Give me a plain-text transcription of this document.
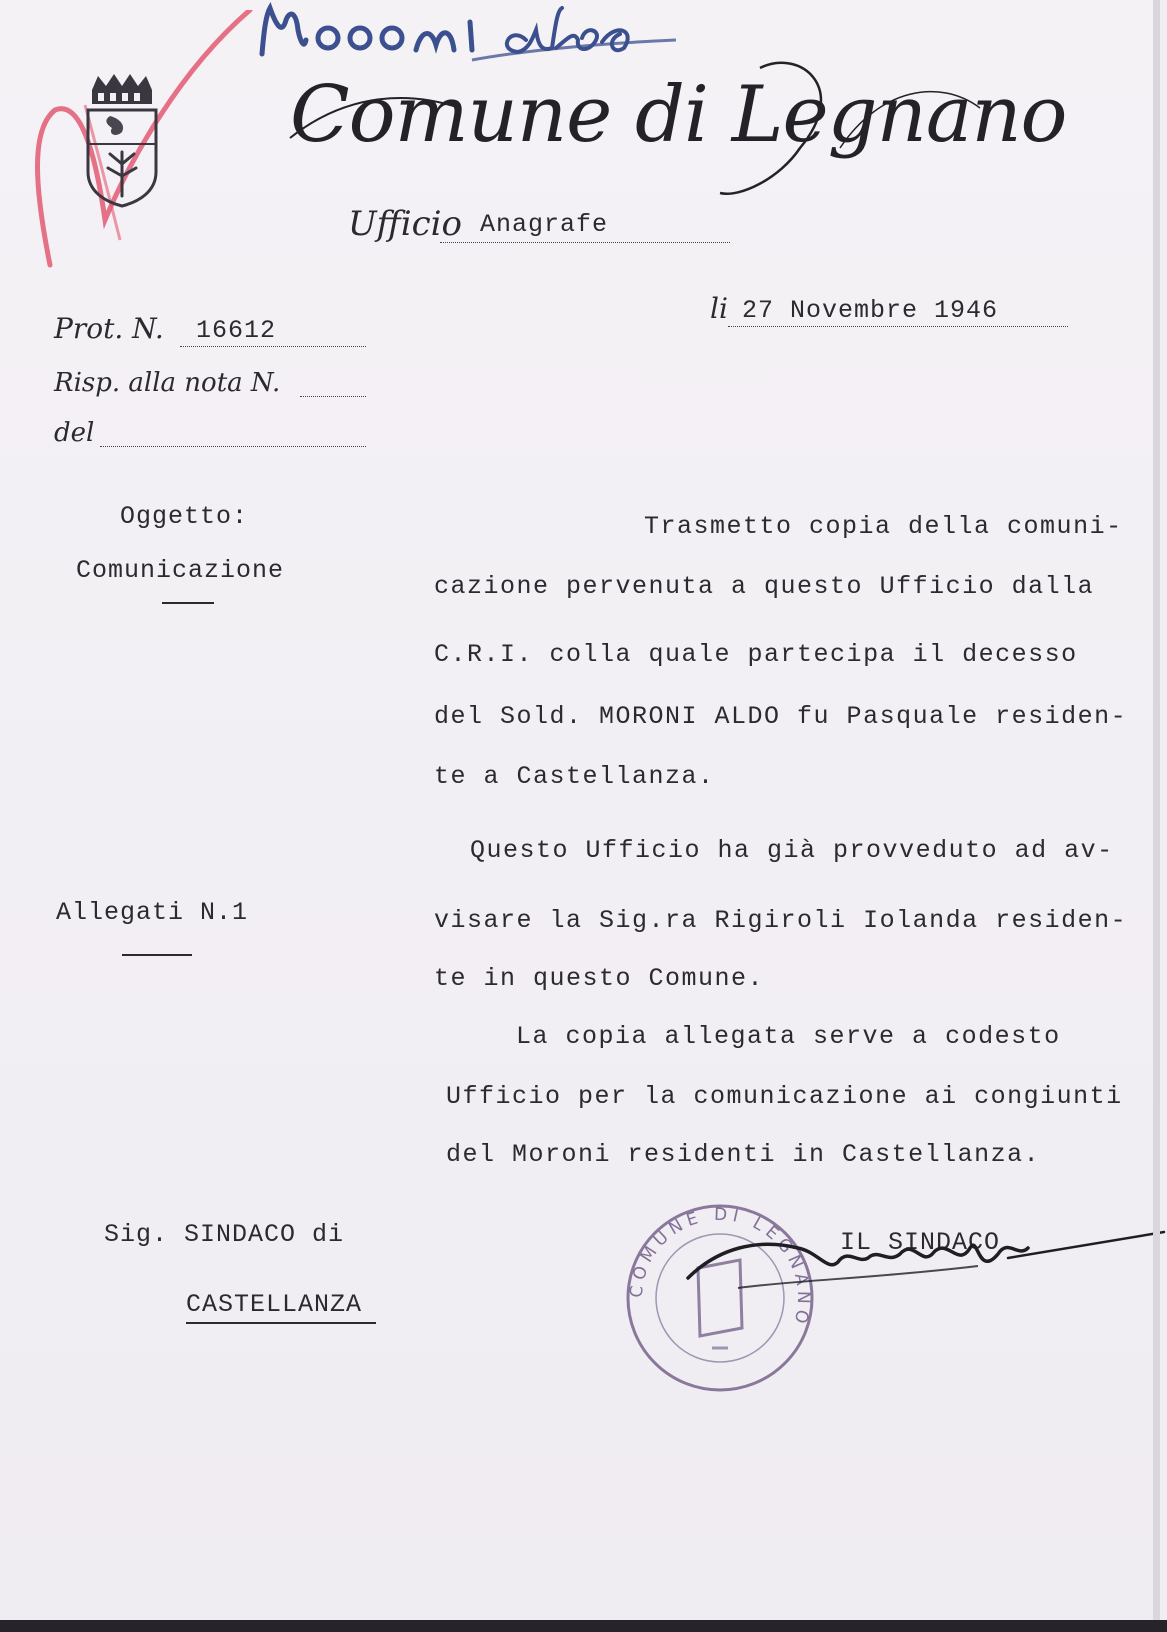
Comune di Legnano
Ufficio Anagrafe
li 27 Novembre 1946
Prot. N. 16612
Risp. alla nota N.
del
Oggetto:
Comunicazione
Allegati N.1
Sig. SINDACO di
CASTELLANZA
Trasmetto copia della comuni-
cazione pervenuta a questo Ufficio dalla
C.R.I. colla quale partecipa il decesso
del Sold. MORONI ALDO fu Pasquale residen-
te a Castellanza.
Questo Ufficio ha già provveduto ad av-
visare la Sig.ra Rigiroli Iolanda residen-
te in questo Comune.
La copia allegata serve a codesto
Ufficio per la comunicazione ai congiunti
del Moroni residenti in Castellanza.
IL SINDACO
COMUNE DI LEGNANO
